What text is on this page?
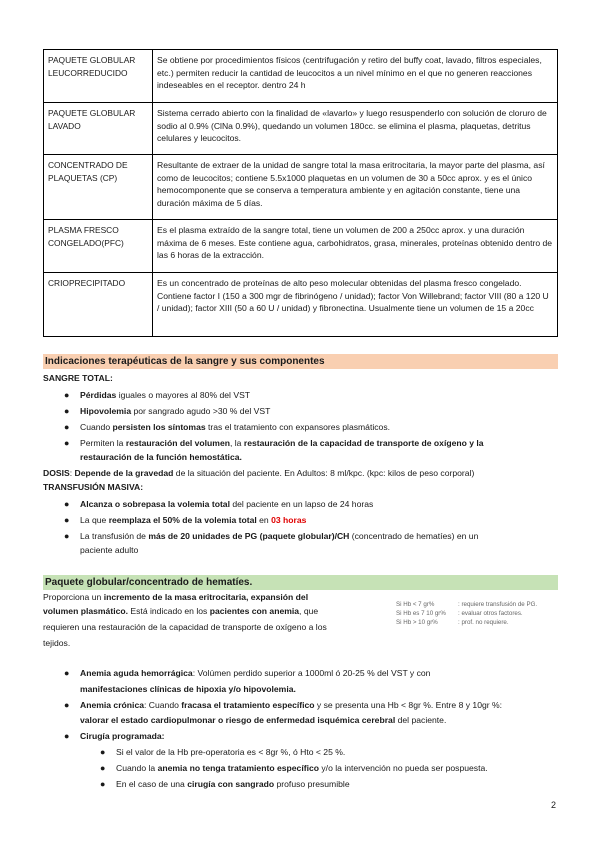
PAQUETE GLOBULAR LEUCORREDUCIDO	Se obtiene por procedimientos físicos (centrifugación y retiro del buffy coat, lavado, filtros especiales, etc.) permiten reducir la cantidad de leucocitos a un nivel mínimo en el que no generen reacciones indeseables en el receptor. dentro 24 h
PAQUETE GLOBULAR LAVADO	Sistema cerrado abierto con la finalidad de «lavarlo» y luego resuspenderlo con solución de cloruro de sodio al 0.9% (ClNa 0.9%), quedando un volumen 180cc. se elimina el plasma, plaquetas, detritus celulares y leucocitos.
CONCENTRADO DE PLAQUETAS (CP)	Resultante de extraer de la unidad de sangre total la masa eritrocitaria, la mayor parte del plasma, así como de leucocitos; contiene 5.5x1000 plaquetas en un volumen de 30 a 50cc aprox. y es el único hemocomponente que se conserva a temperatura ambiente y en agitación constante, tiene una duración máxima de 5 días.
PLASMA FRESCO CONGELADO(PFC)	Es el plasma extraído de la sangre total, tiene un volumen de 200 a 250cc aprox. y una duración máxima de 6 meses. Este contiene agua, carbohidratos, grasa, minerales, proteínas obtenido dentro de las 6 horas de la extracción.
CRIOPRECIPITADO	Es un concentrado de proteínas de alto peso molecular obtenidas del plasma fresco congelado. Contiene factor I (150 a 300 mgr de fibrinógeno / unidad); factor Von Willebrand; factor VIII (80 a 120 U / unidad); factor XIII (50 a 60 U / unidad) y fibronectina. Usualmente tiene un volumen de 15 a 20cc
Indicaciones terapéuticas de la sangre y sus componentes
SANGRE TOTAL:
● Pérdidas iguales o mayores al 80% del VST
● Hipovolemia por sangrado agudo >30 % del VST
● Cuando persisten los síntomas tras el tratamiento con expansores plasmáticos.
● Permiten la restauración del volumen, la restauración de la capacidad de transporte de oxígeno y la
restauración de la función hemostática.
DOSIS: Depende de la gravedad de la situación del paciente. En Adultos: 8 ml/kpc. (kpc: kilos de peso corporal)
TRANSFUSIÓN MASIVA:
● Alcanza o sobrepasa la volemia total del paciente en un lapso de 24 horas
● La que reemplaza el 50% de la volemia total en 03 horas
● La transfusión de más de 20 unidades de PG (paquete globular)/CH (concentrado de hematíes) en un
paciente adulto
Paquete globular/concentrado de hematíes.
Proporciona un incremento de la masa eritrocitaria, expansión del
volumen plasmático. Está indicado en los pacientes con anemia, que
requieren una restauración de la capacidad de transporte de oxígeno a los
tejidos.
Si Hb < 7 gr%	: requiere transfusión de PG.
Si Hb es 7 10 gr%	: evaluar otros factores.
Si Hb > 10 gr%	: prof. no requiere.
● Anemia aguda hemorrágica: Volúmen perdido superior a 1000ml ó 20-25 % del VST y con
manifestaciones clínicas de hipoxia y/o hipovolemia.
● Anemia crónica: Cuando fracasa el tratamiento específico y se presenta una Hb < 8gr %. Entre 8 y 10gr %:
valorar el estado cardiopulmonar o riesgo de enfermedad isquémica cerebral del paciente.
● Cirugía programada:
● Si el valor de la Hb pre-operatoria es < 8gr %, ó Hto < 25 %.
● Cuando la anemia no tenga tratamiento específico y/o la intervención no pueda ser pospuesta.
● En el caso de una cirugía con sangrado profuso presumible
2
